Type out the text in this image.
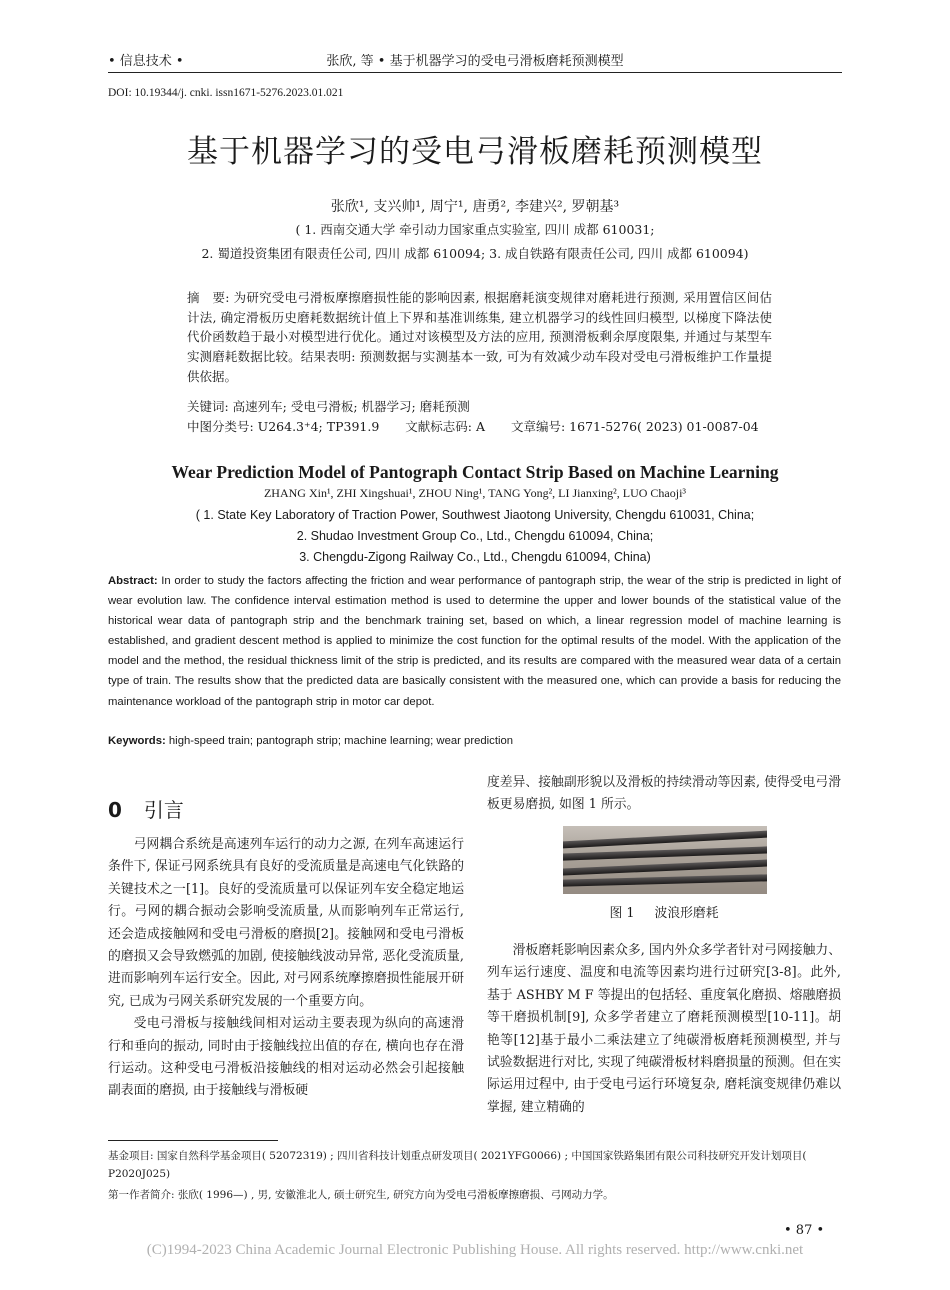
• 信息技术 •	张欣, 等 • 基于机器学习的受电弓滑板磨耗预测模型
DOI: 10.19344/j. cnki. issn1671-5276.2023.01.021
基于机器学习的受电弓滑板磨耗预测模型
张欣¹, 支兴帅¹, 周宁¹, 唐勇², 李建兴², 罗朝基³
( 1. 西南交通大学 牵引动力国家重点实验室, 四川 成都 610031;
2. 蜀道投资集团有限责任公司, 四川 成都 610094; 3. 成自铁路有限责任公司, 四川 成都 610094)
摘　要: 为研究受电弓滑板摩擦磨损性能的影响因素, 根据磨耗演变规律对磨耗进行预测, 采用置信区间估计法, 确定滑板历史磨耗数据统计值上下界和基准训练集, 建立机器学习的线性回归模型, 以梯度下降法使代价函数趋于最小对模型进行优化。通过对该模型及方法的应用, 预测滑板剩余厚度限集, 并通过与某型车实测磨耗数据比较。结果表明: 预测数据与实测基本一致, 可为有效减少动车段对受电弓滑板维护工作量提供依据。
关键词: 高速列车; 受电弓滑板; 机器学习; 磨耗预测
中图分类号: U264.3⁺4; TP391.9 文献标志码: A 文章编号: 1671-5276( 2023) 01-0087-04
Wear Prediction Model of Pantograph Contact Strip Based on Machine Learning
ZHANG Xin¹, ZHI Xingshuai¹, ZHOU Ning¹, TANG Yong², LI Jianxing², LUO Chaoji³
( 1. State Key Laboratory of Traction Power, Southwest Jiaotong University, Chengdu 610031, China;
2. Shudao Investment Group Co., Ltd., Chengdu 610094, China;
3. Chengdu-Zigong Railway Co., Ltd., Chengdu 610094, China)
Abstract: In order to study the factors affecting the friction and wear performance of pantograph strip, the wear of the strip is predicted in light of wear evolution law. The confidence interval estimation method is used to determine the upper and lower bounds of the statistical value of the historical wear data of pantograph strip and the benchmark training set, based on which, a linear regression model of machine learning is established, and gradient descent method is applied to minimize the cost function for the optimal results of the model. With the application of the model and the method, the residual thickness limit of the strip is predicted, and its results are compared with the measured wear data of a certain type of train. The results show that the predicted data are basically consistent with the measured one, which can provide a basis for reducing the maintenance workload of the pantograph strip in motor car depot.
Keywords: high-speed train; pantograph strip; machine learning; wear prediction
0 引言

弓网耦合系统是高速列车运行的动力之源, 在列车高速运行条件下, 保证弓网系统具有良好的受流质量是高速电气化铁路的关键技术之一[1]。良好的受流质量可以保证列车安全稳定地运行。弓网的耦合振动会影响受流质量, 从而影响列车正常运行, 还会造成接触网和受电弓滑板的磨损[2]。接触网和受电弓滑板的磨损又会导致燃弧的加剧, 使接触线波动异常, 恶化受流质量, 进而影响列车运行安全。因此, 对弓网系统摩擦磨损性能展开研究, 已成为弓网关系研究发展的一个重要方向。

受电弓滑板与接触线间相对运动主要表现为纵向的高速滑行和垂向的振动, 同时由于接触线拉出值的存在, 横向也存在滑行运动。这种受电弓滑板沿接触线的相对运动必然会引起接触副表面的磨损, 由于接触线与滑板硬

度差异、接触副形貌以及滑板的持续滑动等因素, 使得受电弓滑板更易磨损, 如图 1 所示。

图 1 波浪形磨耗

滑板磨耗影响因素众多, 国内外众多学者针对弓网接触力、列车运行速度、温度和电流等因素均进行过研究[3-8]。此外, 基于 ASHBY M F 等提出的包括轻、重度氧化磨损、熔融磨损等干磨损机制[9], 众多学者建立了磨耗预测模型[10-11]。胡艳等[12]基于最小二乘法建立了纯碳滑板磨耗预测模型, 并与试验数据进行对比, 实现了纯碳滑板材料磨损量的预测。但在实际运用过程中, 由于受电弓运行环境复杂, 磨耗演变规律仍难以掌握, 建立精确的

基金项目: 国家自然科学基金项目( 52072319) ; 四川省科技计划重点研发项目( 2021YFG0066) ; 中国国家铁路集团有限公司科技研究开发计划项目( P2020J025)
第一作者简介: 张欣( 1996—) , 男, 安徽淮北人, 硕士研究生, 研究方向为受电弓滑板摩擦磨损、弓网动力学。
• 87 •
(C)1994-2023 China Academic Journal Electronic Publishing House. All rights reserved. http://www.cnki.net
